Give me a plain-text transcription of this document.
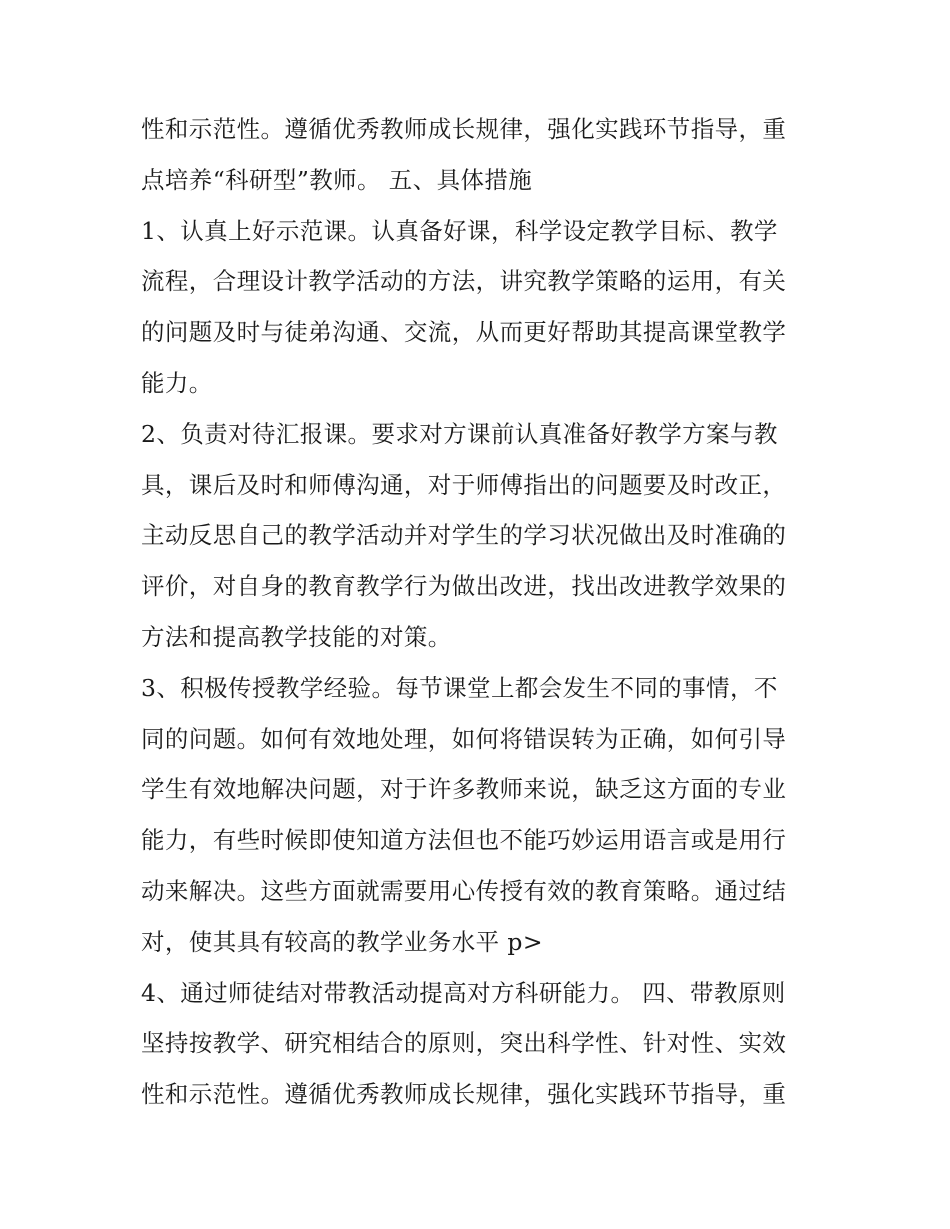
性和示范性。遵循优秀教师成长规律，强化实践环节指导，重
点培养“科研型”教师。 五、具体措施
1、认真上好示范课。认真备好课，科学设定教学目标、教学
流程，合理设计教学活动的方法，讲究教学策略的运用，有关
的问题及时与徒弟沟通、交流，从而更好帮助其提高课堂教学
能力。
2、负责对待汇报课。要求对方课前认真准备好教学方案与教
具，课后及时和师傅沟通，对于师傅指出的问题要及时改正，
主动反思自己的教学活动并对学生的学习状况做出及时准确的
评价，对自身的教育教学行为做出改进，找出改进教学效果的
方法和提高教学技能的对策。
3、积极传授教学经验。每节课堂上都会发生不同的事情，不
同的问题。如何有效地处理，如何将错误转为正确，如何引导
学生有效地解决问题，对于许多教师来说，缺乏这方面的专业
能力，有些时候即使知道方法但也不能巧妙运用语言或是用行
动来解决。这些方面就需要用心传授有效的教育策略。通过结
对，使其具有较高的教学业务水平 p>
4、通过师徒结对带教活动提高对方科研能力。 四、带教原则
坚持按教学、研究相结合的原则，突出科学性、针对性、实效
性和示范性。遵循优秀教师成长规律，强化实践环节指导，重
